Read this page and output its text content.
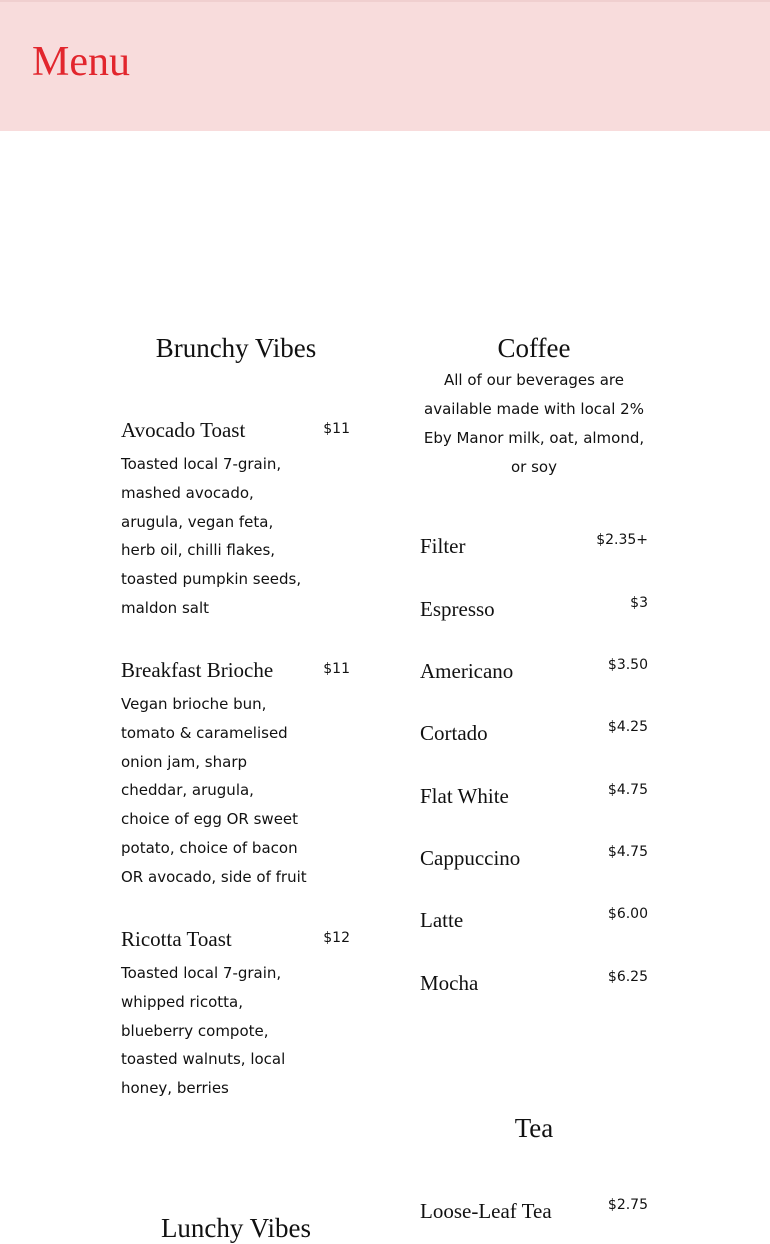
Menu
Brunchy Vibes
Avocado Toast	$11

Toasted local 7-grain, mashed avocado, arugula, vegan feta, herb oil, chilli flakes, toasted pumpkin seeds, maldon salt

Breakfast Brioche	$11

Vegan brioche bun, tomato & caramelised onion jam, sharp cheddar, arugula, choice of egg OR sweet potato, choice of bacon OR avocado, side of fruit

Ricotta Toast	$12

Toasted local 7-grain, whipped ricotta, blueberry compote, toasted walnuts, local honey, berries

Coffee

All of our beverages are available made with local 2% Eby Manor milk, oat, almond, or soy

Filter	$2.35+
Espresso	$3
Americano	$3.50
Cortado	$4.25
Flat White	$4.75
Cappuccino	$4.75
Latte	$6.00
Mocha	$6.25
Tea
Loose-Leaf Tea	$2.75
Lunchy Vibes
